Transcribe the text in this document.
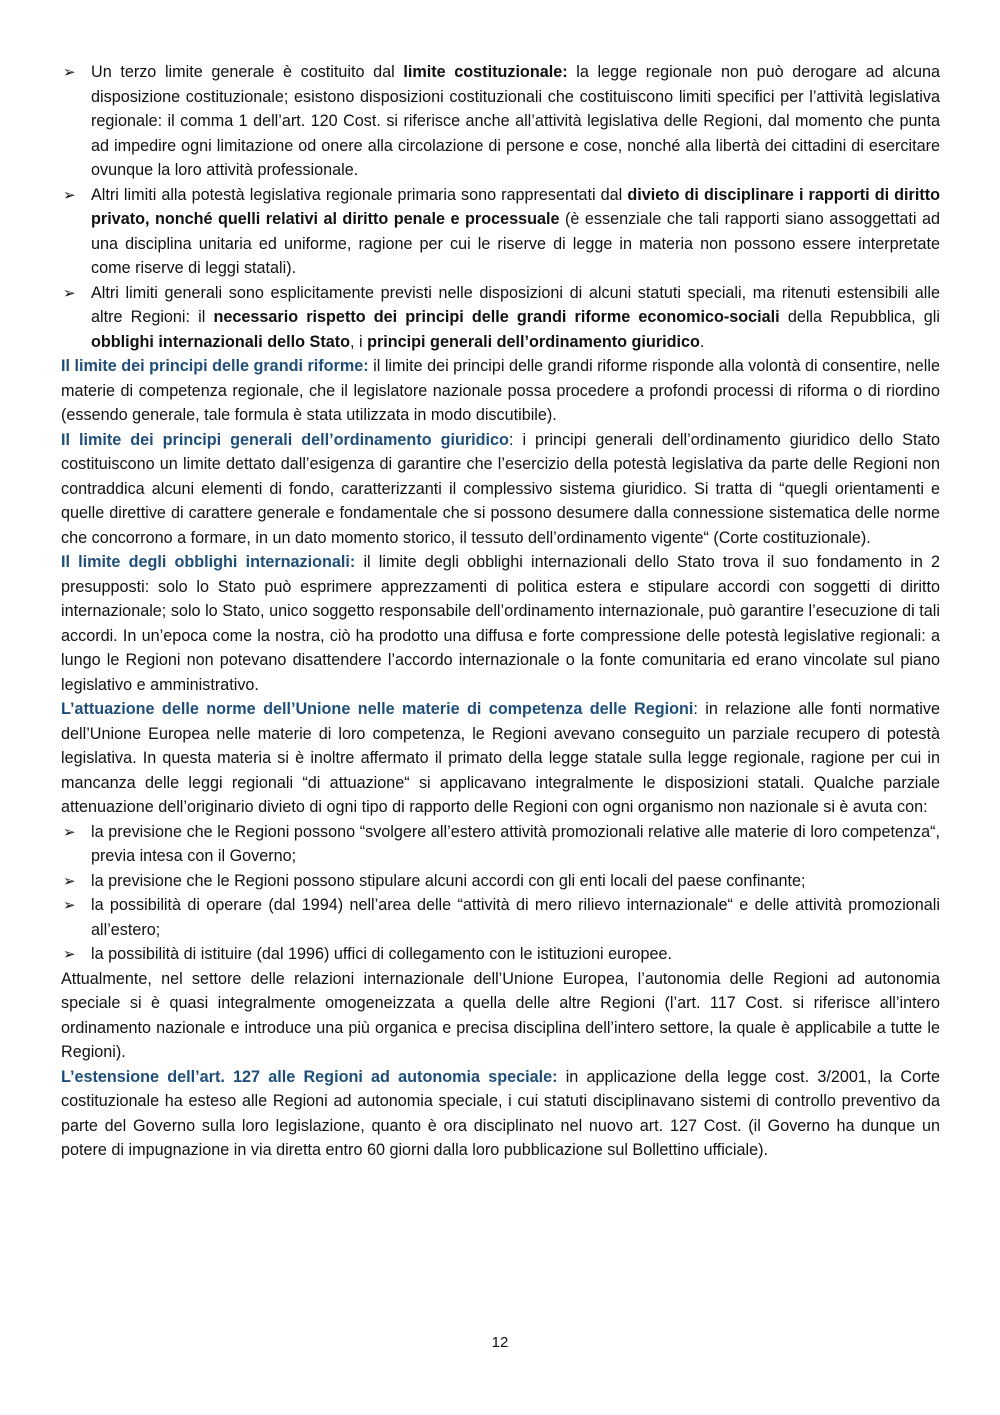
➢ Un terzo limite generale è costituito dal limite costituzionale: la legge regionale non può derogare ad alcuna disposizione costituzionale; esistono disposizioni costituzionali che costituiscono limiti specifici per l’attività legislativa regionale: il comma 1 dell’art. 120 Cost. si riferisce anche all’attività legislativa delle Regioni, dal momento che punta ad impedire ogni limitazione od onere alla circolazione di persone e cose, nonché alla libertà dei cittadini di esercitare ovunque la loro attività professionale.

➢ Altri limiti alla potestà legislativa regionale primaria sono rappresentati dal divieto di disciplinare i rapporti di diritto privato, nonché quelli relativi al diritto penale e processuale (è essenziale che tali rapporti siano assoggettati ad una disciplina unitaria ed uniforme, ragione per cui le riserve di legge in materia non possono essere interpretate come riserve di leggi statali).

➢ Altri limiti generali sono esplicitamente previsti nelle disposizioni di alcuni statuti speciali, ma ritenuti estensibili alle altre Regioni: il necessario rispetto dei principi delle grandi riforme economico-sociali della Repubblica, gli obblighi internazionali dello Stato, i principi generali dell’ordinamento giuridico.

Il limite dei principi delle grandi riforme: il limite dei principi delle grandi riforme risponde alla volontà di consentire, nelle materie di competenza regionale, che il legislatore nazionale possa procedere a profondi processi di riforma o di riordino (essendo generale, tale formula è stata utilizzata in modo discutibile).

Il limite dei principi generali dell’ordinamento giuridico: i principi generali dell’ordinamento giuridico dello Stato costituiscono un limite dettato dall’esigenza di garantire che l’esercizio della potestà legislativa da parte delle Regioni non contraddica alcuni elementi di fondo, caratterizzanti il complessivo sistema giuridico. Si tratta di “quegli orientamenti e quelle direttive di carattere generale e fondamentale che si possono desumere dalla connessione sistematica delle norme che concorrono a formare, in un dato momento storico, il tessuto dell’ordinamento vigente“ (Corte costituzionale).

Il limite degli obblighi internazionali: il limite degli obblighi internazionali dello Stato trova il suo fondamento in 2 presupposti: solo lo Stato può esprimere apprezzamenti di politica estera e stipulare accordi con soggetti di diritto internazionale; solo lo Stato, unico soggetto responsabile dell’ordinamento internazionale, può garantire l’esecuzione di tali accordi. In un’epoca come la nostra, ciò ha prodotto una diffusa e forte compressione delle potestà legislative regionali: a lungo le Regioni non potevano disattendere l’accordo internazionale o la fonte comunitaria ed erano vincolate sul piano legislativo e amministrativo.

L’attuazione delle norme dell’Unione nelle materie di competenza delle Regioni: in relazione alle fonti normative dell’Unione Europea nelle materie di loro competenza, le Regioni avevano conseguito un parziale recupero di potestà legislativa. In questa materia si è inoltre affermato il primato della legge statale sulla legge regionale, ragione per cui in mancanza delle leggi regionali “di attuazione“ si applicavano integralmente le disposizioni statali. Qualche parziale attenuazione dell’originario divieto di ogni tipo di rapporto delle Regioni con ogni organismo non nazionale si è avuta con:

➢ la previsione che le Regioni possono “svolgere all’estero attività promozionali relative alle materie di loro competenza“, previa intesa con il Governo;

➢ la previsione che le Regioni possono stipulare alcuni accordi con gli enti locali del paese confinante;

➢ la possibilità di operare (dal 1994) nell’area delle “attività di mero rilievo internazionale“ e delle attività promozionali all’estero;

➢ la possibilità di istituire (dal 1996) uffici di collegamento con le istituzioni europee.

Attualmente, nel settore delle relazioni internazionale dell’Unione Europea, l’autonomia delle Regioni ad autonomia speciale si è quasi integralmente omogeneizzata a quella delle altre Regioni (l’art. 117 Cost. si riferisce all’intero ordinamento nazionale e introduce una più organica e precisa disciplina dell’intero settore, la quale è applicabile a tutte le Regioni).

L’estensione dell’art. 127 alle Regioni ad autonomia speciale: in applicazione della legge cost. 3/2001, la Corte costituzionale ha esteso alle Regioni ad autonomia speciale, i cui statuti disciplinavano sistemi di controllo preventivo da parte del Governo sulla loro legislazione, quanto è ora disciplinato nel nuovo art. 127 Cost. (il Governo ha dunque un potere di impugnazione in via diretta entro 60 giorni dalla loro pubblicazione sul Bollettino ufficiale).

12
